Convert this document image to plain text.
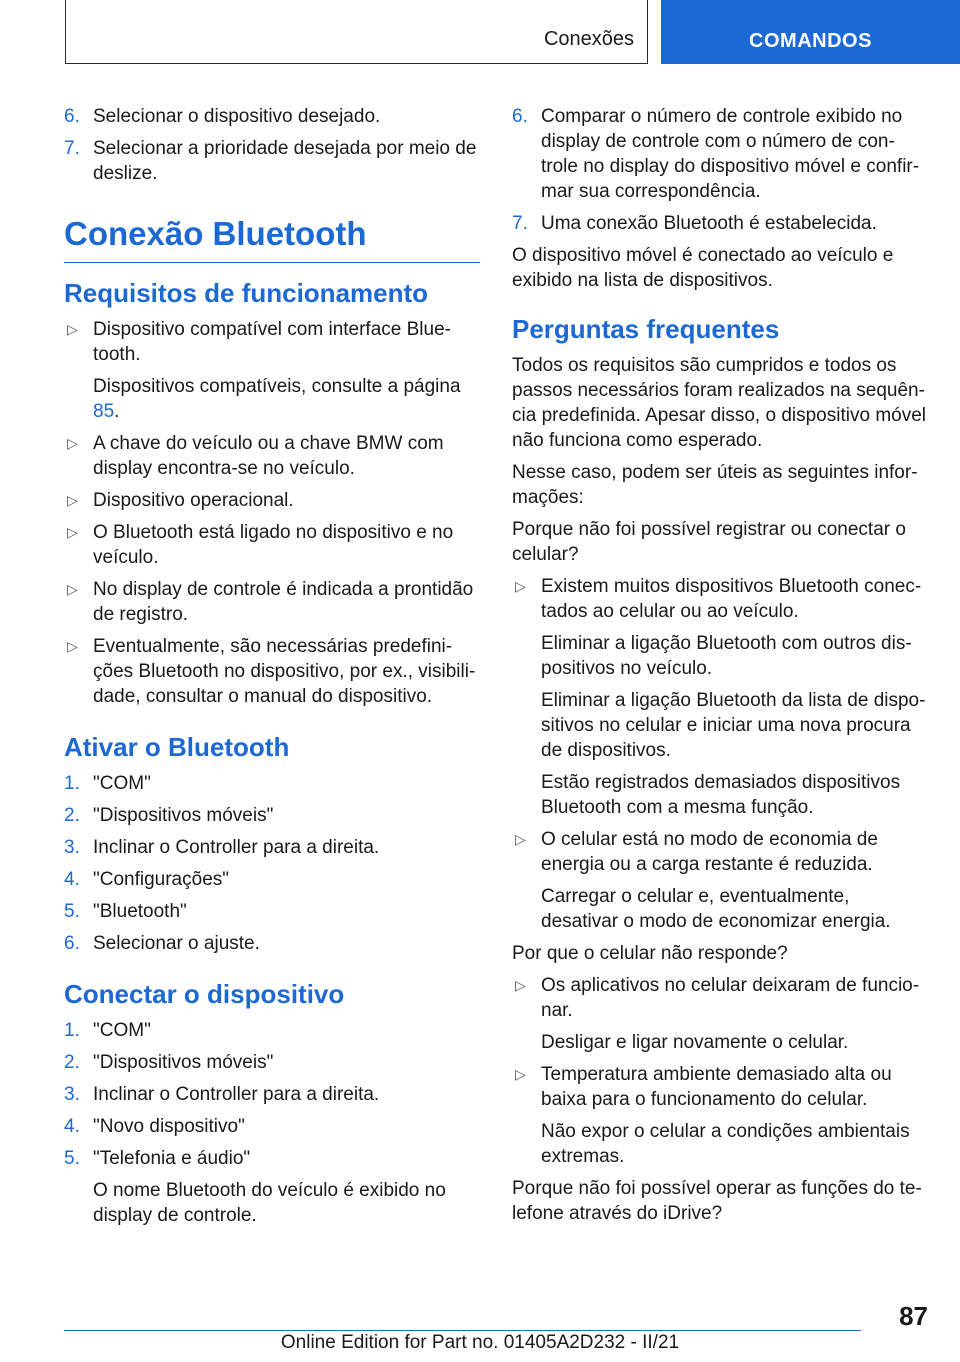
Conexões	COMANDOS
6. Selecionar o dispositivo desejado.
7. Selecionar a prioridade desejada por meio de deslize.
Conexão Bluetooth
Requisitos de funcionamento
▷ Dispositivo compatível com interface Blue-tooth.
Dispositivos compatíveis, consulte a página 85.
▷ A chave do veículo ou a chave BMW com display encontra-se no veículo.
▷ Dispositivo operacional.
▷ O Bluetooth está ligado no dispositivo e no veículo.
▷ No display de controle é indicada a prontidão de registro.
▷ Eventualmente, são necessárias predefini-ções Bluetooth no dispositivo, por ex., visibili-dade, consultar o manual do dispositivo.
Ativar o Bluetooth
1. "COM"
2. "Dispositivos móveis"
3. Inclinar o Controller para a direita.
4. "Configurações"
5. "Bluetooth"
6. Selecionar o ajuste.
Conectar o dispositivo
1. "COM"
2. "Dispositivos móveis"
3. Inclinar o Controller para a direita.
4. "Novo dispositivo"
5. "Telefonia e áudio"
O nome Bluetooth do veículo é exibido no display de controle.
6. Comparar o número de controle exibido no display de controle com o número de con-trole no display do dispositivo móvel e confir-mar sua correspondência.
7. Uma conexão Bluetooth é estabelecida.
O dispositivo móvel é conectado ao veículo e exibido na lista de dispositivos.
Perguntas frequentes
Todos os requisitos são cumpridos e todos os passos necessários foram realizados na sequên-cia predefinida. Apesar disso, o dispositivo móvel não funciona como esperado.
Nesse caso, podem ser úteis as seguintes infor-mações:
Porque não foi possível registrar ou conectar o celular?
▷ Existem muitos dispositivos Bluetooth conec-tados ao celular ou ao veículo.
Eliminar a ligação Bluetooth com outros dis-positivos no veículo.
Eliminar a ligação Bluetooth da lista de dispo-sitivos no celular e iniciar uma nova procura de dispositivos.
Estão registrados demasiados dispositivos Bluetooth com a mesma função.
▷ O celular está no modo de economia de energia ou a carga restante é reduzida.
Carregar o celular e, eventualmente, desativar o modo de economizar energia.
Por que o celular não responde?
▷ Os aplicativos no celular deixaram de funcio-nar.
Desligar e ligar novamente o celular.
▷ Temperatura ambiente demasiado alta ou baixa para o funcionamento do celular.
Não expor o celular a condições ambientais extremas.
Porque não foi possível operar as funções do te-lefone através do iDrive?
87
Online Edition for Part no. 01405A2D232 - II/21
